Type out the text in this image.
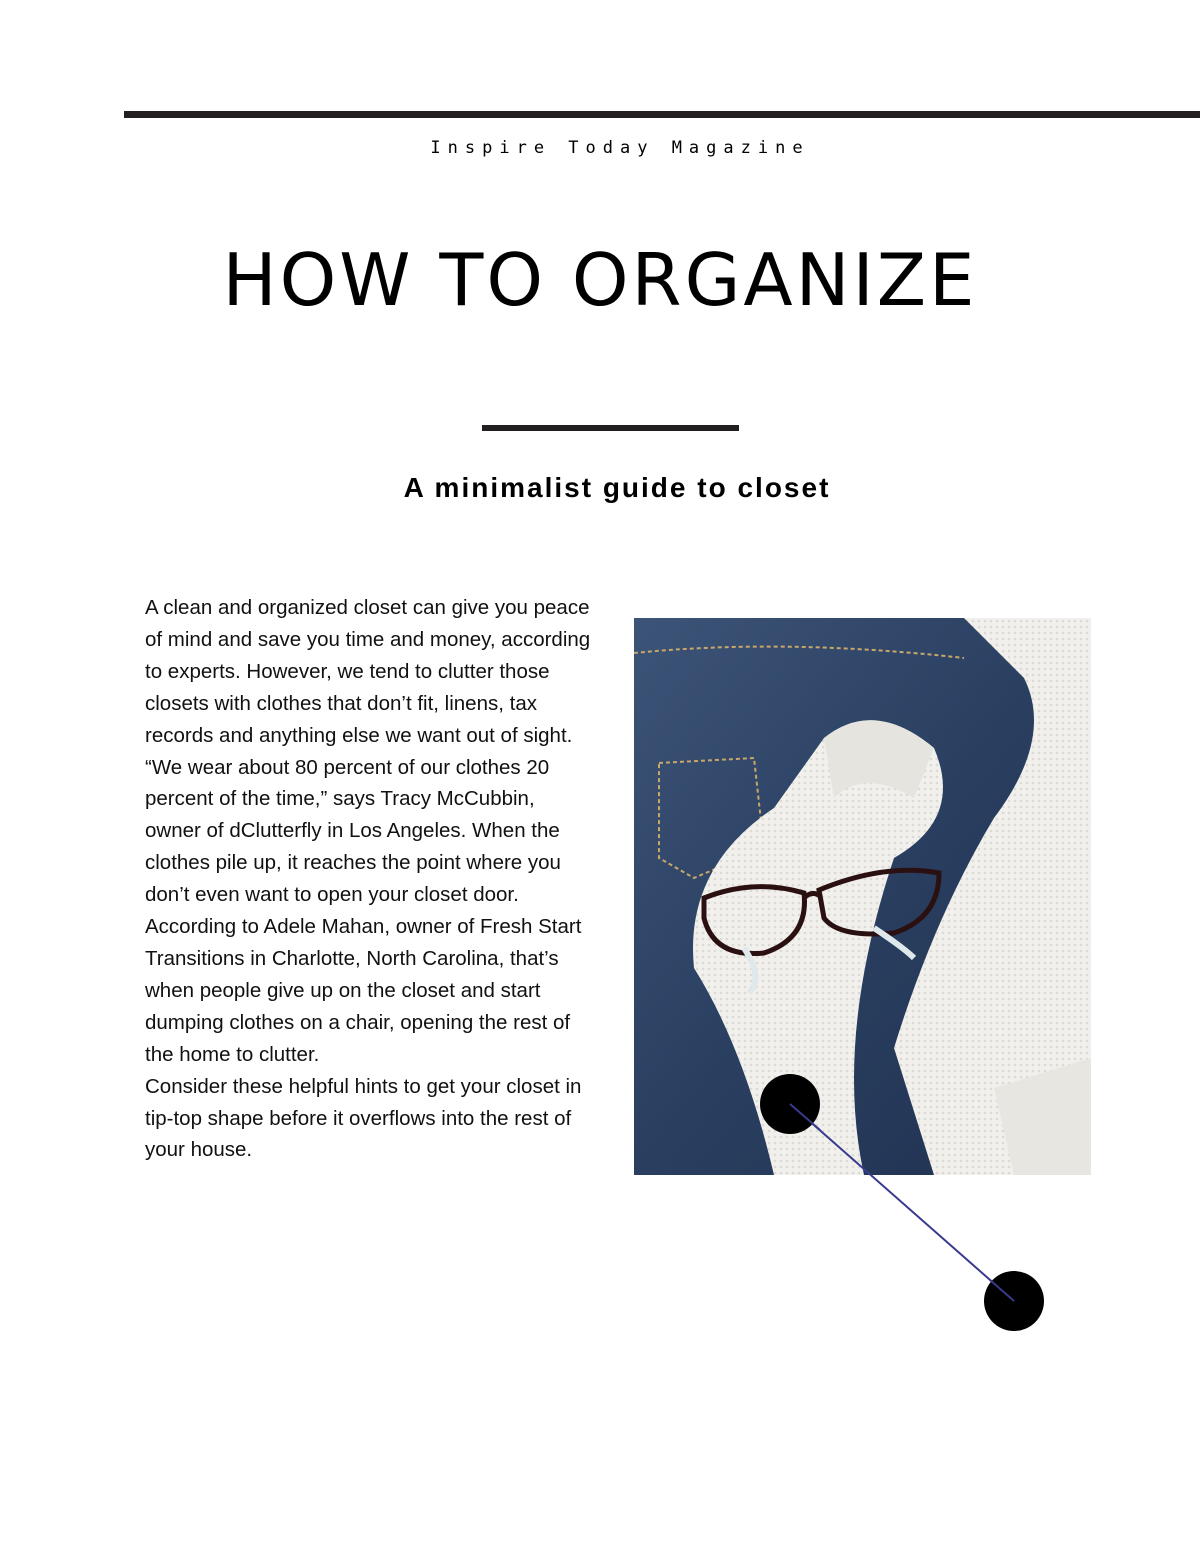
Inspire Today Magazine
HOW TO ORGANIZE
A minimalist guide to closet

A clean and organized closet can give you peace of mind and save you time and money, according to experts. However, we tend to clutter those closets with clothes that don’t fit, linens, tax records and anything else we want out of sight.

“We wear about 80 percent of our clothes 20 percent of the time,” says Tracy McCubbin, owner of dClutterfly in Los Angeles. When the clothes pile up, it reaches the point where you don’t even want to open your closet door. According to Adele Mahan, owner of Fresh Start Transitions in Charlotte, North Carolina, that’s when people give up on the closet and start dumping clothes on a chair, opening the rest of the home to clutter.

Consider these helpful hints to get your closet in tip-top shape before it overflows into the rest of your house.
